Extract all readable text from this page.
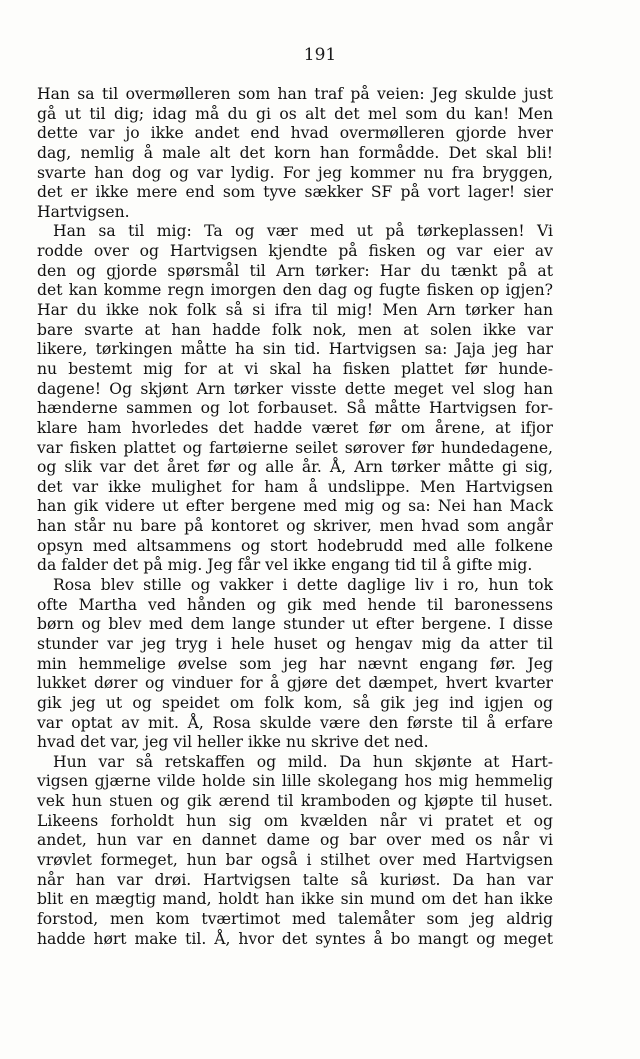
191
Han sa til overmøllеren som han traf på veien: Jeg skulde just
gå ut til dig; idag må du gi os alt det mel som du kan! Men
dette var jo ikke andet end hvad overmølleren gjorde hver
dag, nemlig å male alt det korn han formådde. Det skal bli!
svarte han dog og var lydig. For jeg kommer nu fra bryggen,
det er ikke mere end som tyve sækker SF på vort lager! sier
Hartvigsen.
Han sa til mig: Ta og vær med ut på tørkeplassen! Vi
rodde over og Hartvigsen kjendte på fisken og var eier av
den og gjorde spørsmål til Arn tørker: Har du tænkt på at
det kan komme regn imorgen den dag og fugte fisken op igjen?
Har du ikke nok folk så si ifra til mig! Men Arn tørker han
bare svarte at han hadde folk nok, men at solen ikke var
likere, tørkingen måtte ha sin tid. Hartvigsen sa: Jaja jeg har
nu bestemt mig for at vi skal ha fisken plattet før hunde-
dagene! Og skjønt Arn tørker visste dette meget vel slog han
hænderne sammen og lot forbauset. Så måtte Hartvigsen for-
klare ham hvorledes det hadde været før om årene, at ifjor
var fisken plattet og fartøierne seilet sørover før hundedagene,
og slik var det året før og alle år. Å, Arn tørker måtte gi sig,
det var ikke mulighet for ham å undslippe. Men Hartvigsen
han gik videre ut efter bergene med mig og sa: Nei han Mack
han står nu bare på kontoret og skriver, men hvad som angår
opsyn med altsammens og stort hodebrudd med alle folkene
da falder det på mig. Jeg får vel ikke engang tid til å gifte mig.
Rosa blev stille og vakker i dette daglige liv i ro, hun tok
ofte Martha ved hånden og gik med hende til baronessens
børn og blev med dem lange stunder ut efter bergene. I disse
stunder var jeg tryg i hele huset og hengav mig da atter til
min hemmelige øvelse som jeg har nævnt engang før. Jeg
lukket dører og vinduer for å gjøre det dæmpet, hvert kvarter
gik jeg ut og speidet om folk kom, så gik jeg ind igjen og
var optat av mit. Å, Rosa skulde være den første til å erfare
hvad det var, jeg vil heller ikke nu skrive det ned.
Hun var så retskaffen og mild. Da hun skjønte at Hart-
vigsen gjærne vilde holde sin lille skolegang hos mig hemmelig
vek hun stuen og gik ærend til kramboden og kjøpte til huset.
Likeens forholdt hun sig om kvælden når vi pratet et og
andet, hun var en dannet dame og bar over med os når vi
vrøvlet formeget, hun bar også i stilhet over med Hartvigsen
når han var drøi. Hartvigsen talte så kuriøst. Da han var
blit en mægtig mand, holdt han ikke sin mund om det han ikke
forstod, men kom tværtimot med talemåter som jeg aldrig
hadde hørt make til. Å, hvor det syntes å bo mangt og meget
